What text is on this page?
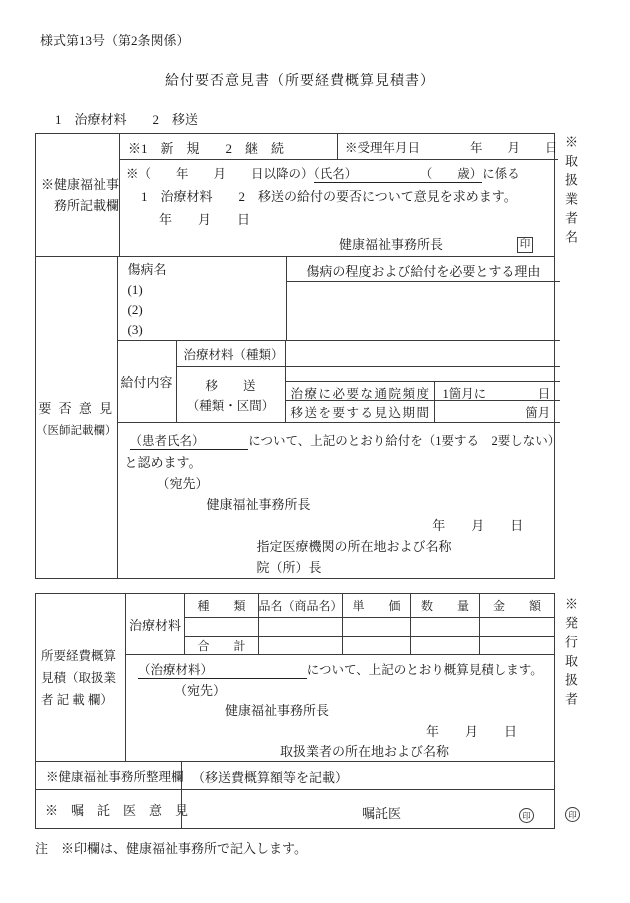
様式第13号（第2条関係）
給付要否意見書（所要経費概算見積書）
1　治療材料　　2　移送
※健康福祉事
務所記載欄
※1　新　規　　2　継　続	※受理年月日　　　　年　　月　　日
※（　　年　　月　　日以降の）（氏名）　　　　　　（　　歳）に係る
1　治療材料　　2　移送の給付の要否について意見を求めます。
年　　月　　日
健康福祉事務所長	印
要 否 意 見
（医師記載欄）
傷病名
(1)
(2)
(3)
傷病の程度および給付を必要とする理由
給付内容
治療材料（種類）
移　　送
（種類・区間）
治療に必要な通院頻度 1箇月に	日
移送を要する見込期間	箇月
（患者氏名）　　　　について、上記のとおり給付を（1要する　2要しない）
と認めます。
（宛先）
健康福祉事務所長
年　　月　　日
指定医療機関の所在地および名称
院（所）長
所要経費概算
見積（取扱業
者 記 載 欄）
治療材料
種　　類	品名（商品名） 単　　価	数　　量	金　　額
合　　計
（治療材料）　　　　　　　　について、上記のとおり概算見積します。
（宛先）
健康福祉事務所長
年　　月　　日
取扱業者の所在地および名称
※健康福祉事務所整理欄 （移送費概算額等を記載）
※　嘱　託　医　意　見	嘱託医	印
※取扱業者名
※発行取扱者
印
注　※印欄は、健康福祉事務所で記入します。
